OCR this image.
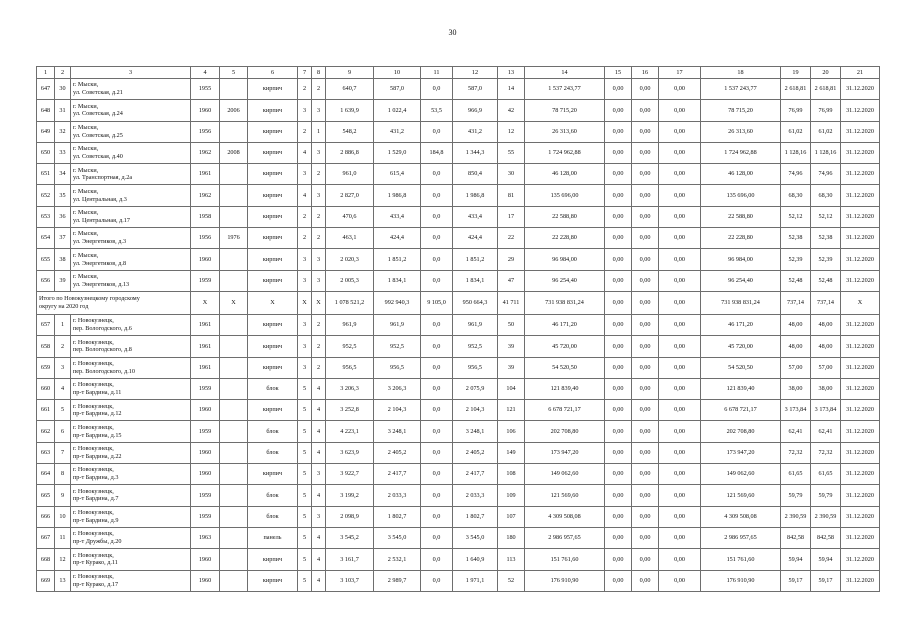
30
1	2	3	4	5	6	7	8	9	10	11	12	13	14	15	16	17	18	19	20	21
647	30	г. Мыски,
ул. Советская, д.21	1955		кирпич	2	2	640,7	587,0	0,0	587,0	14	1 537 243,77	0,00	0,00	0,00	1 537 243,77	2 618,81	2 618,81	31.12.2020
648	31	г. Мыски,
ул. Советская, д.24	1960	2006	кирпич	3	3	1 639,9	1 022,4	53,5	966,9	42	78 715,20	0,00	0,00	0,00	78 715,20	76,99	76,99	31.12.2020
649	32	г. Мыски,
ул. Советская, д.25	1956		кирпич	2	1	548,2	431,2	0,0	431,2	12	26 313,60	0,00	0,00	0,00	26 313,60	61,02	61,02	31.12.2020
650	33	г. Мыски,
ул. Советская, д.40	1962	2008	кирпич	4	3	2 886,8	1 529,0	184,8	1 344,3	55	1 724 962,88	0,00	0,00	0,00	1 724 962,88	1 128,16	1 128,16	31.12.2020
651	34	г. Мыски,
ул. Транспортная, д.2а	1961		кирпич	3	2	961,0	615,4	0,0	850,4	30	46 128,00	0,00	0,00	0,00	46 128,00	74,96	74,96	31.12.2020
652	35	г. Мыски,
ул. Центральная, д.3	1962		кирпич	4	3	2 827,0	1 986,8	0,0	1 986,8	81	135 696,00	0,00	0,00	0,00	135 696,00	68,30	68,30	31.12.2020
653	36	г. Мыски,
ул. Центральная, д.17	1958		кирпич	2	2	470,6	433,4	0,0	433,4	17	22 588,80	0,00	0,00	0,00	22 588,80	52,12	52,12	31.12.2020
654	37	г. Мыски,
ул. Энергетиков, д.3	1956	1976	кирпич	2	2	463,1	424,4	0,0	424,4	22	22 228,80	0,00	0,00	0,00	22 228,80	52,38	52,38	31.12.2020
655	38	г. Мыски,
ул. Энергетиков, д.8	1960		кирпич	3	3	2 020,3	1 851,2	0,0	1 851,2	29	96 984,00	0,00	0,00	0,00	96 984,00	52,39	52,39	31.12.2020
656	39	г. Мыски,
ул. Энергетиков, д.13	1959		кирпич	3	3	2 005,3	1 834,1	0,0	1 834,1	47	96 254,40	0,00	0,00	0,00	96 254,40	52,48	52,48	31.12.2020

Итого по Новокузнецкому городскому
округу на 2020 год			X	X	X	X	X	1 078 521,2	992 940,3	9 105,0	950 664,3	41 711	731 938 831,24	0,00	0,00	0,00	731 938 831,24	737,14	737,14	X
657	1	г. Новокузнецк,
пер. Вологодского, д.6	1961		кирпич	3	2	961,9	961,9	0,0	961,9	50	46 171,20	0,00	0,00	0,00	46 171,20	48,00	48,00	31.12.2020
658	2	г. Новокузнецк,
пер. Вологодского, д.8	1961		кирпич	3	2	952,5	952,5	0,0	952,5	39	45 720,00	0,00	0,00	0,00	45 720,00	48,00	48,00	31.12.2020
659	3	г. Новокузнецк,
пер. Вологодского, д.10	1961		кирпич	3	2	956,5	956,5	0,0	956,5	39	54 520,50	0,00	0,00	0,00	54 520,50	57,00	57,00	31.12.2020
660	4	г. Новокузнецк,
пр-т Бардина, д.11	1959		блок	5	4	3 206,3	3 206,3	0,0	2 075,9	104	121 839,40	0,00	0,00	0,00	121 839,40	38,00	38,00	31.12.2020
661	5	г. Новокузнецк,
пр-т Бардина, д.12	1960		кирпич	5	4	3 252,8	2 104,3	0,0	2 104,3	121	6 678 721,17	0,00	0,00	0,00	6 678 721,17	3 173,84	3 173,84	31.12.2020
662	6	г. Новокузнецк,
пр-т Бардина, д.15	1959		блок	5	4	4 223,1	3 248,1	0,0	3 248,1	106	202 708,80	0,00	0,00	0,00	202 708,80	62,41	62,41	31.12.2020
663	7	г. Новокузнецк,
пр-т Бардина, д.22	1960		блок	5	4	3 623,9	2 405,2	0,0	2 405,2	149	173 947,20	0,00	0,00	0,00	173 947,20	72,32	72,32	31.12.2020
664	8	г. Новокузнецк,
пр-т Бардина, д.3	1960		кирпич	5	3	3 922,7	2 417,7	0,0	2 417,7	108	149 062,60	0,00	0,00	0,00	149 062,60	61,65	61,65	31.12.2020
665	9	г. Новокузнецк,
пр-т Бардина, д.7	1959		блок	5	4	3 199,2	2 033,3	0,0	2 033,3	109	121 569,60	0,00	0,00	0,00	121 569,60	59,79	59,79	31.12.2020
666	10	г. Новокузнецк,
пр-т Бардина, д.9	1959		блок	5	3	2 098,9	1 802,7	0,0	1 802,7	107	4 309 508,08	0,00	0,00	0,00	4 309 508,08	2 390,59	2 390,59	31.12.2020
667	11	г. Новокузнецк,
пр-т Дружбы, д.20	1963		панель	5	4	3 545,2	3 545,0	0,0	3 545,0	180	2 986 957,65	0,00	0,00	0,00	2 986 957,65	842,58	842,58	31.12.2020
668	12	г. Новокузнецк,
пр-т Курако, д.11	1960		кирпич	5	4	3 161,7	2 532,1	0,0	1 640,9	113	151 761,60	0,00	0,00	0,00	151 761,60	59,94	59,94	31.12.2020
669	13	г. Новокузнецк,
пр-т Курако, д.17	1960		кирпич	5	4	3 103,7	2 989,7	0,0	1 971,1	52	176 910,90	0,00	0,00	0,00	176 910,90	59,17	59,17	31.12.2020
